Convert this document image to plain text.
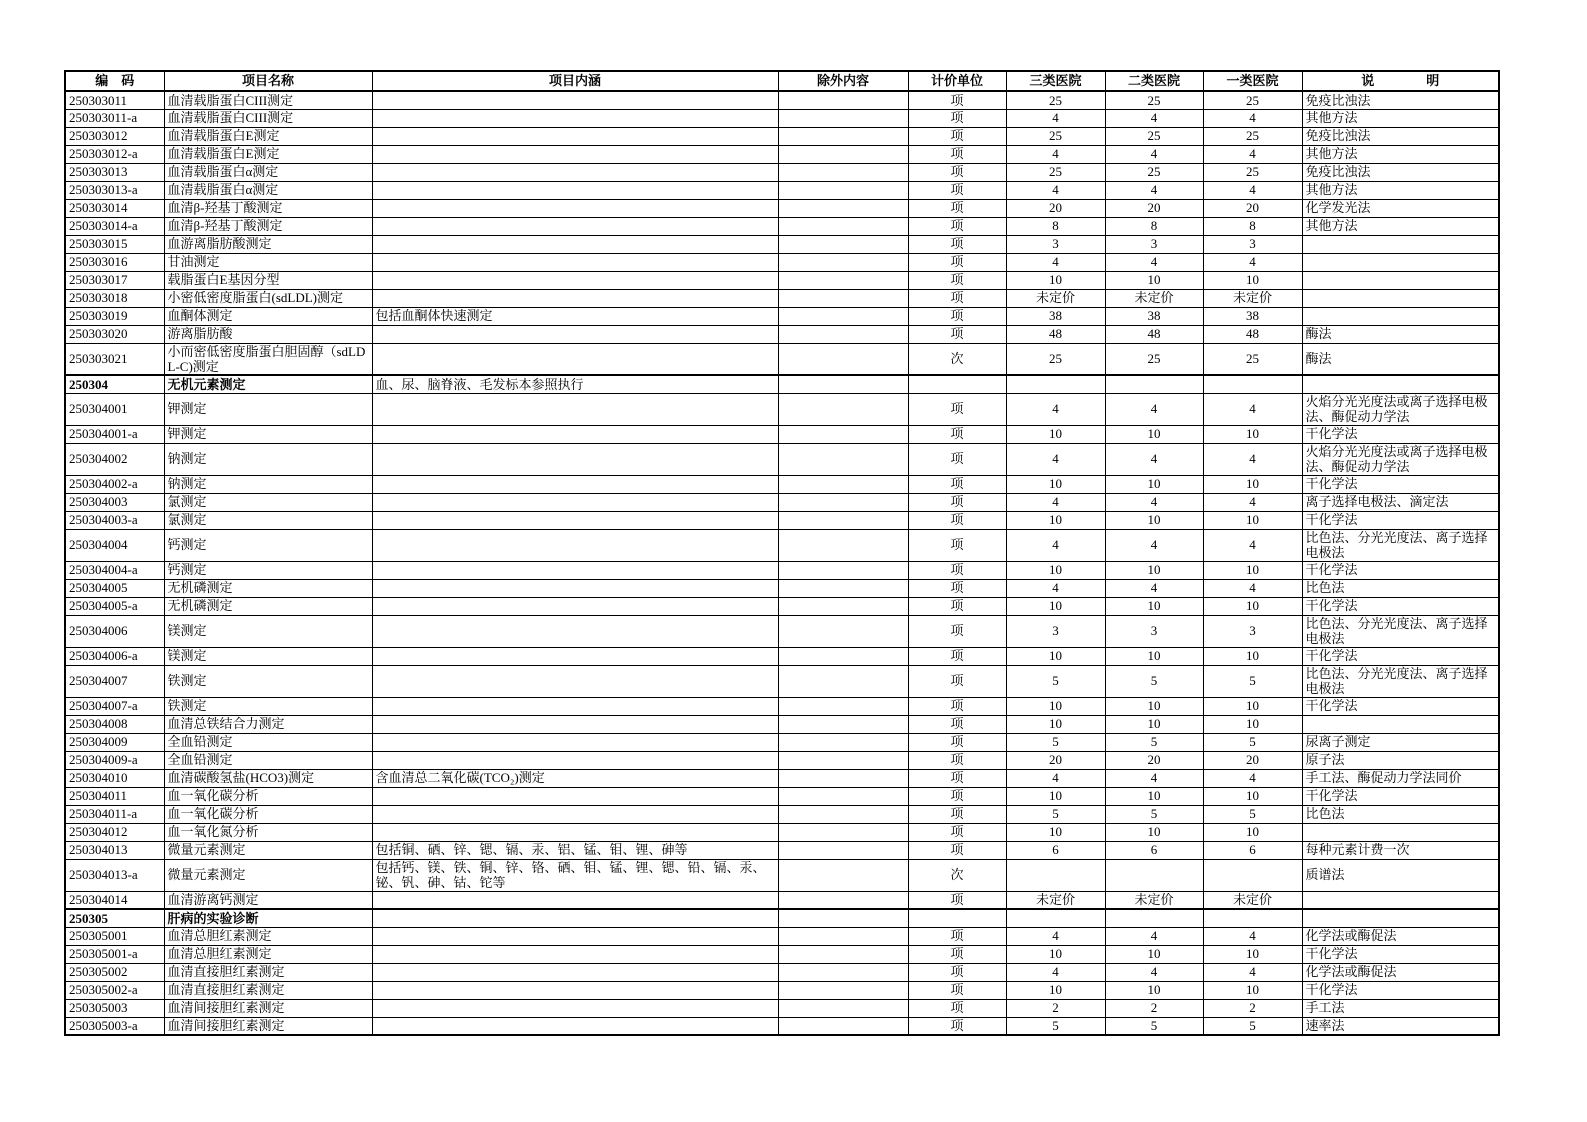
编　码	项目名称	项目内涵	除外内容	计价单位	三类医院	二类医院	一类医院	说　　　　明
250303011	血清载脂蛋白CIII测定			项	25	25	25	免疫比浊法
250303011-a	血清载脂蛋白CIII测定			项	4	4	4	其他方法
250303012	血清载脂蛋白E测定			项	25	25	25	免疫比浊法
250303012-a	血清载脂蛋白E测定			项	4	4	4	其他方法
250303013	血清载脂蛋白α测定			项	25	25	25	免疫比浊法
250303013-a	血清载脂蛋白α测定			项	4	4	4	其他方法
250303014	血清β-羟基丁酸测定			项	20	20	20	化学发光法
250303014-a	血清β-羟基丁酸测定			项	8	8	8	其他方法
250303015	血游离脂肪酸测定			项	3	3	3	
250303016	甘油测定			项	4	4	4	
250303017	载脂蛋白E基因分型			项	10	10	10	
250303018	小密低密度脂蛋白(sdLDL)测定			项	未定价	未定价	未定价	
250303019	血酮体测定	包括血酮体快速测定		项	38	38	38	
250303020	游离脂肪酸			项	48	48	48	酶法
250303021	小而密低密度脂蛋白胆固醇（sdLDL-C)测定			次	25	25	25	酶法
250304	无机元素测定	血、尿、脑脊液、毛发标本参照执行						
250304001	钾测定			项	4	4	4	火焰分光光度法或离子选择电极法、酶促动力学法
250304001-a	钾测定			项	10	10	10	干化学法
250304002	钠测定			项	4	4	4	火焰分光光度法或离子选择电极法、酶促动力学法
250304002-a	钠测定			项	10	10	10	干化学法
250304003	氯测定			项	4	4	4	离子选择电极法、滴定法
250304003-a	氯测定			项	10	10	10	干化学法
250304004	钙测定			项	4	4	4	比色法、分光光度法、离子选择电极法
250304004-a	钙测定			项	10	10	10	干化学法
250304005	无机磷测定			项	4	4	4	比色法
250304005-a	无机磷测定			项	10	10	10	干化学法
250304006	镁测定			项	3	3	3	比色法、分光光度法、离子选择电极法
250304006-a	镁测定			项	10	10	10	干化学法
250304007	铁测定			项	5	5	5	比色法、分光光度法、离子选择电极法
250304007-a	铁测定			项	10	10	10	干化学法
250304008	血清总铁结合力测定			项	10	10	10	
250304009	全血铅测定			项	5	5	5	尿离子测定
250304009-a	全血铅测定			项	20	20	20	原子法
250304010	血清碳酸氢盐(HCO3)测定	含血清总二氧化碳(TCO₂)测定		项	4	4	4	手工法、酶促动力学法同价
250304011	血一氧化碳分析			项	10	10	10	干化学法
250304011-a	血一氧化碳分析			项	5	5	5	比色法
250304012	血一氧化氮分析			项	10	10	10	
250304013	微量元素测定	包括铜、硒、锌、锶、镉、汞、铝、锰、钼、锂、砷等		项	6	6	6	每种元素计费一次
250304013-a	微量元素测定	包括钙、镁、铁、铜、锌、铬、硒、钼、锰、锂、锶、铅、镉、汞、铋、钒、砷、钴、铊等		次				质谱法
250304014	血清游离钙测定			项	未定价	未定价	未定价	
250305	肝病的实验诊断							
250305001	血清总胆红素测定			项	4	4	4	化学法或酶促法
250305001-a	血清总胆红素测定			项	10	10	10	干化学法
250305002	血清直接胆红素测定			项	4	4	4	化学法或酶促法
250305002-a	血清直接胆红素测定			项	10	10	10	干化学法
250305003	血清间接胆红素测定			项	2	2	2	手工法
250305003-a	血清间接胆红素测定			项	5	5	5	速率法
